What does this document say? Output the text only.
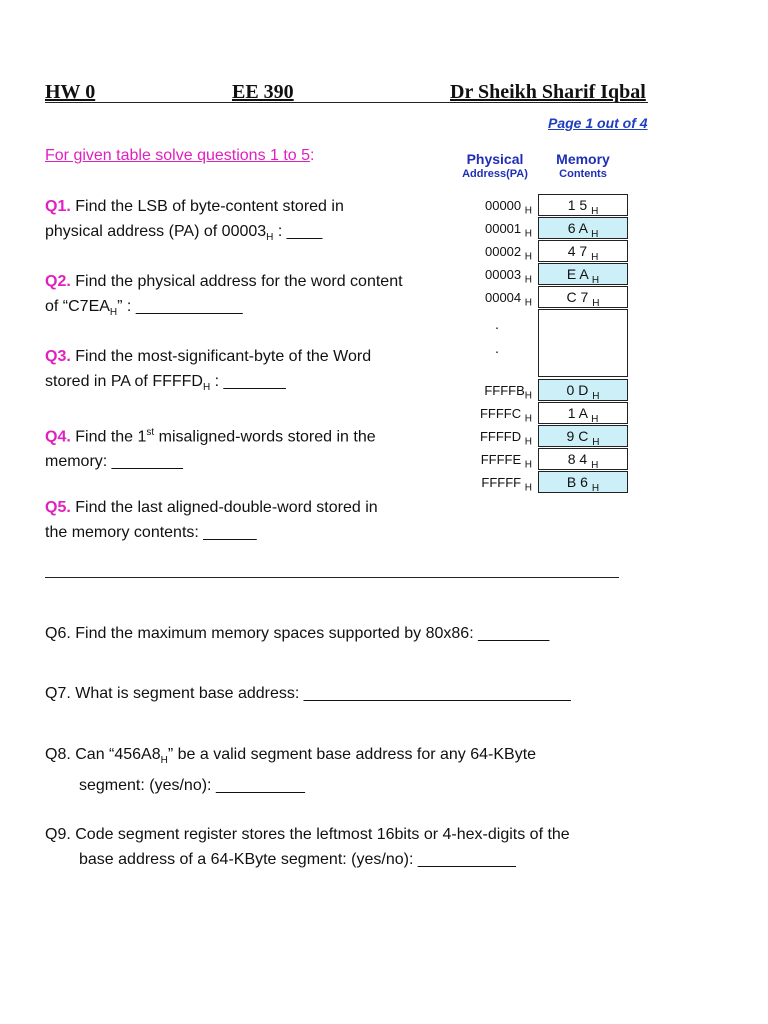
HW 0	EE 390	Dr Sheikh Sharif Iqbal
Page 1 out of 4
For given table solve questions 1 to 5:
Q1. Find the LSB of byte-content stored in
physical address (PA) of $00003_H$ : ____
Q2. Find the physical address for the word content
of “$C7EA_H$” : ____________
Q3. Find the most-significant-byte of the Word
stored in PA of $FFFFD_H$ : _______
Q4. Find the 1st misaligned-words stored in the
memory: ________
Q5. Find the last aligned-double-word stored in
the memory contents: ______
Q6. Find the maximum memory spaces supported by 80x86: ________
Q7. What is segment base address: ______________________________
Q8. Can “$456A8_H$” be a valid segment base address for any 64-KByte
segment: (yes/no): __________
Q9. Code segment register stores the leftmost 16bits or 4-hex-digits of the
base address of a 64-KByte segment: (yes/no): ___________
Physical
Address(PA)
Memory
Contents
00000 $_H$
00001 $_H$
00002 $_H$
00003 $_H$
00004 $_H$
1 5 $_H$
6 A $_H$
4 7 $_H$
E A $_H$
C 7 $_H$
.
.
$FFFFB_H$
FFFFC $_H$
FFFFD $_H$
FFFFE $_H$
FFFFF $_H$
0 D $_H$
1 A $_H$
9 C $_H$
8 4 $_H$
B 6 $_H$
